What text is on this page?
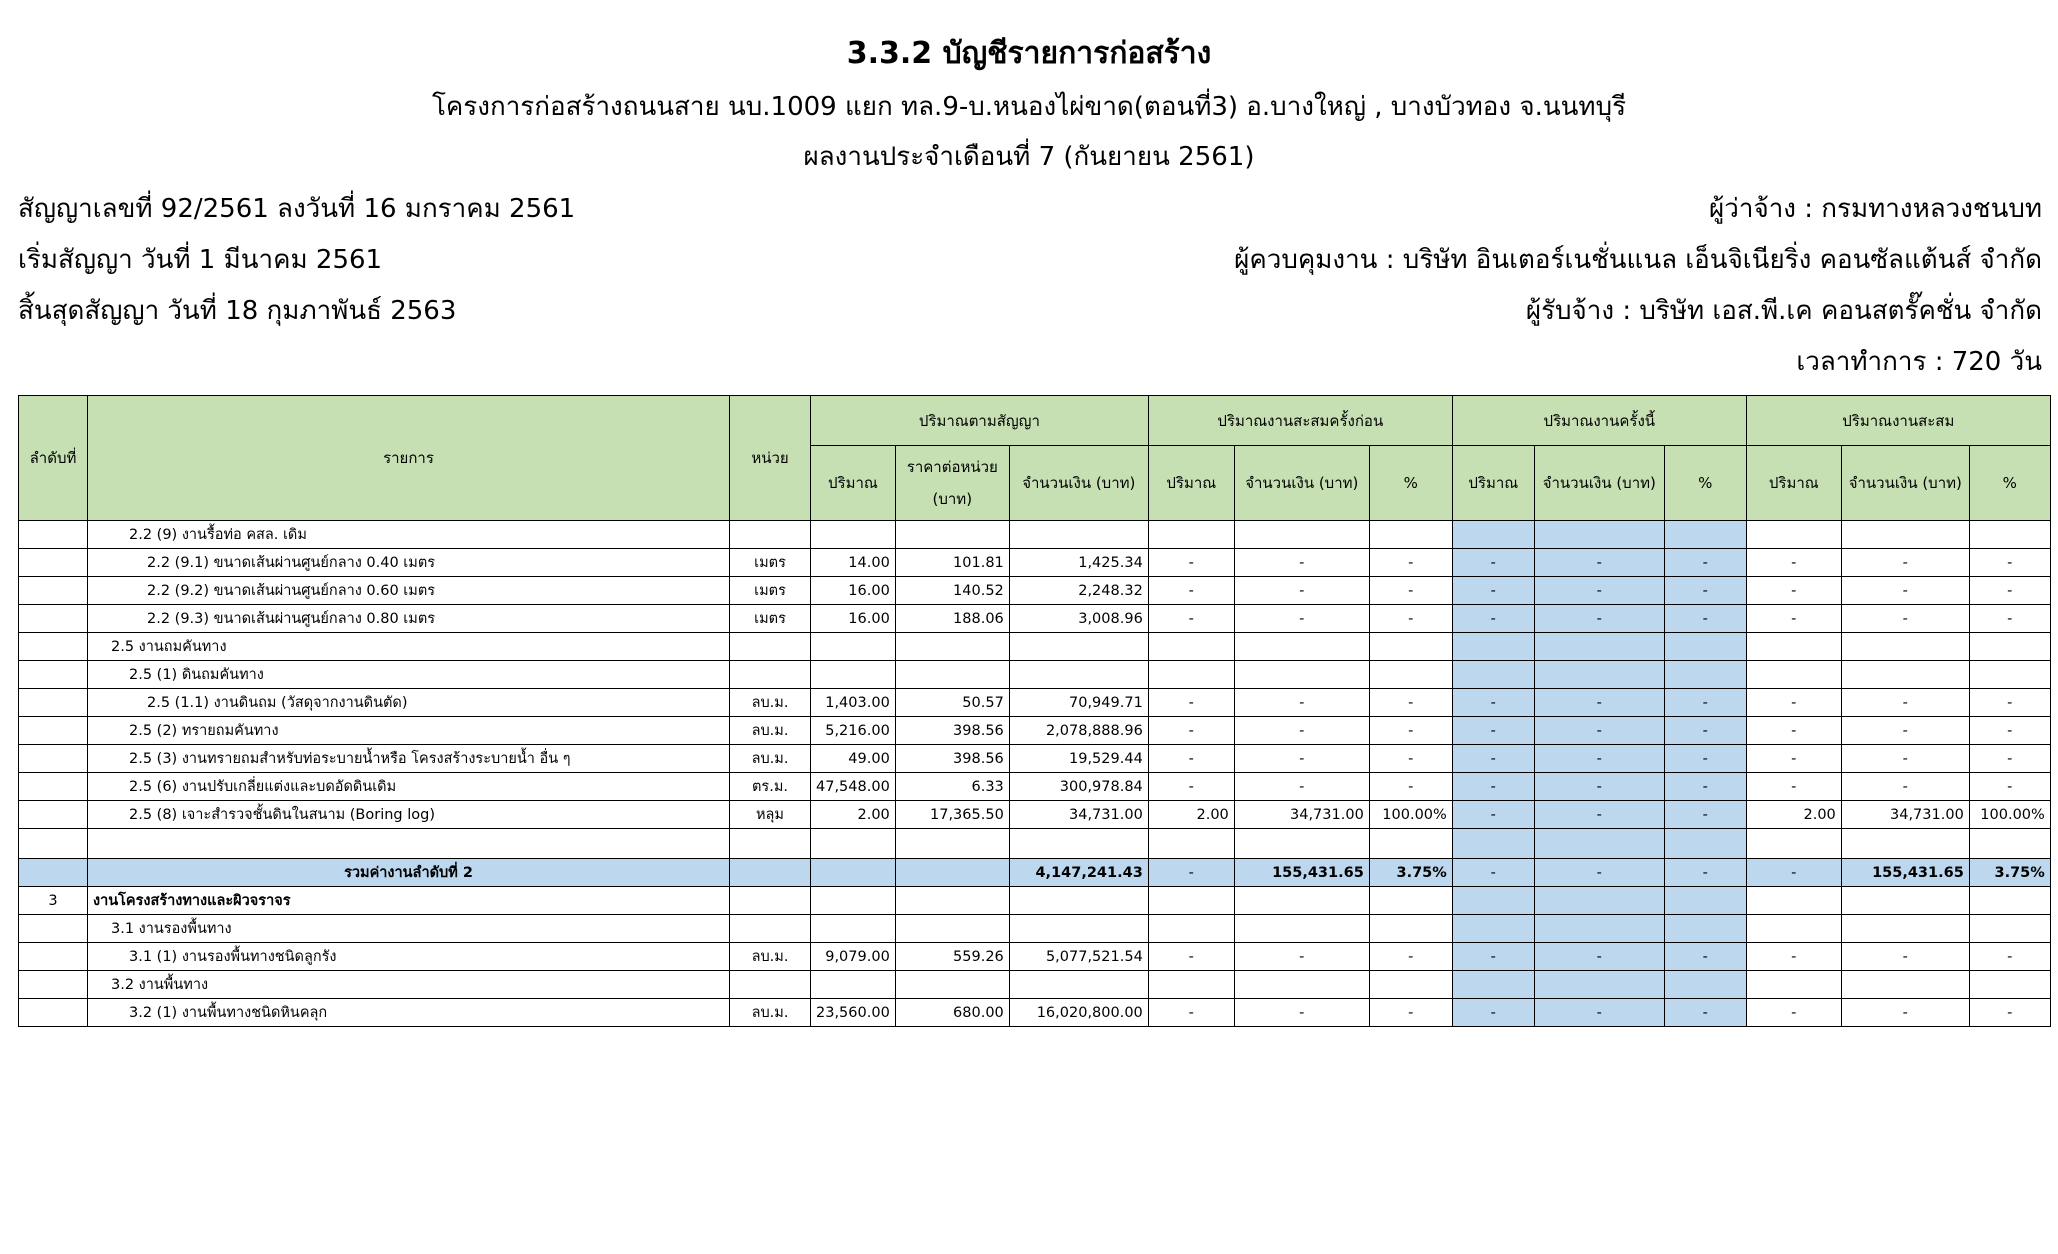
3.3.2 บัญชีรายการก่อสร้าง
โครงการก่อสร้างถนนสาย นบ.1009 แยก ทล.9-บ.หนองไผ่ขาด(ตอนที่3) อ.บางใหญ่ , บางบัวทอง จ.นนทบุรี
ผลงานประจำเดือนที่ 7 (กันยายน 2561)
สัญญาเลขที่ 92/2561 ลงวันที่ 16 มกราคม 2561
เริ่มสัญญา วันที่ 1 มีนาคม 2561
สิ้นสุดสัญญา วันที่ 18 กุมภาพันธ์ 2563
ผู้ว่าจ้าง : กรมทางหลวงชนบท
ผู้ควบคุมงาน : บริษัท อินเตอร์เนชั่นแนล เอ็นจิเนียริ่ง คอนซัลแต้นส์ จำกัด
ผู้รับจ้าง : บริษัท เอส.พี.เค คอนสตรั๊คชั่น จำกัด
เวลาทำการ : 720 วัน
ลำดับที่	รายการ	หน่วย	ปริมาณตามสัญญา			ปริมาณงานสะสมครั้งก่อน			ปริมาณงานครั้งนี้			ปริมาณงานสะสม		
			ปริมาณ	ราคาต่อหน่วย (บาท)	จำนวนเงิน (บาท)	ปริมาณ	จำนวนเงิน (บาท)	%	ปริมาณ	จำนวนเงิน (บาท)	%	ปริมาณ	จำนวนเงิน (บาท)	%
	2.2 (9) งานรื้อท่อ คสล. เดิม													
	2.2 (9.1) ขนาดเส้นผ่านศูนย์กลาง 0.40 เมตร	เมตร	14.00	101.81	1,425.34	-	-	-	-	-	-	-	-	-
	2.2 (9.2) ขนาดเส้นผ่านศูนย์กลาง 0.60 เมตร	เมตร	16.00	140.52	2,248.32	-	-	-	-	-	-	-	-	-
	2.2 (9.3) ขนาดเส้นผ่านศูนย์กลาง 0.80 เมตร	เมตร	16.00	188.06	3,008.96	-	-	-	-	-	-	-	-	-
	2.5 งานถมคันทาง													
	2.5 (1) ดินถมคันทาง													
	2.5 (1.1) งานดินถม (วัสดุจากงานดินตัด)	ลบ.ม.	1,403.00	50.57	70,949.71	-	-	-	-	-	-	-	-	-
	2.5 (2) ทรายถมคันทาง	ลบ.ม.	5,216.00	398.56	2,078,888.96	-	-	-	-	-	-	-	-	-
	2.5 (3) งานทรายถมสำหรับท่อระบายน้ำหรือ โครงสร้างระบายน้ำ อื่น ๆ	ลบ.ม.	49.00	398.56	19,529.44	-	-	-	-	-	-	-	-	-
	2.5 (6) งานปรับเกลี่ยแต่งและบดอัดดินเดิม	ตร.ม.	47,548.00	6.33	300,978.84	-	-	-	-	-	-	-	-	-
	2.5 (8) เจาะสำรวจชั้นดินในสนาม (Boring log)	หลุม	2.00	17,365.50	34,731.00	2.00	34,731.00	100.00%	-	-	-	2.00	34,731.00	100.00%

	รวมค่างานลำดับที่ 2				4,147,241.43	-	155,431.65	3.75%	-	-	-	-	155,431.65	3.75%
3	งานโครงสร้างทางและผิวจราจร													
	3.1 งานรองพื้นทาง													
	3.1 (1) งานรองพื้นทางชนิดลูกรัง	ลบ.ม.	9,079.00	559.26	5,077,521.54	-	-	-	-	-	-	-	-	-
	3.2 งานพื้นทาง													
	3.2 (1) งานพื้นทางชนิดหินคลุก	ลบ.ม.	23,560.00	680.00	16,020,800.00	-	-	-	-	-	-	-	-	-
